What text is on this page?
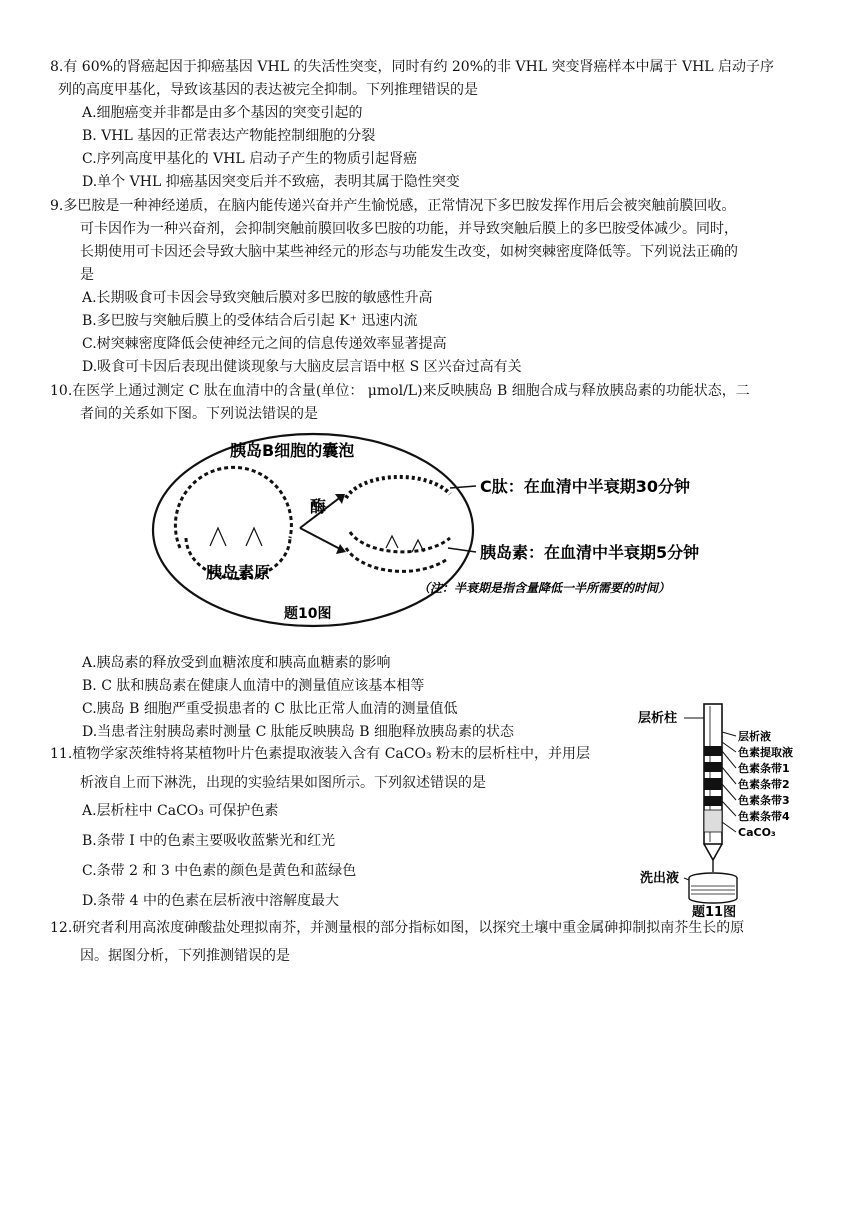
8.有 60%的肾癌起因于抑癌基因 VHL 的失活性突变，同时有约 20%的非 VHL 突变肾癌样本中属于 VHL 启动子序
列的高度甲基化，导致该基因的表达被完全抑制。下列推理错误的是
A.细胞癌变并非都是由多个基因的突变引起的
B. VHL 基因的正常表达产物能控制细胞的分裂
C.序列高度甲基化的 VHL 启动子产生的物质引起肾癌
D.单个 VHL 抑癌基因突变后并不致癌，表明其属于隐性突变
9.多巴胺是一种神经递质，在脑内能传递兴奋并产生愉悦感，正常情况下多巴胺发挥作用后会被突触前膜回收。
可卡因作为一种兴奋剂，会抑制突触前膜回收多巴胺的功能，并导致突触后膜上的多巴胺受体减少。同时，
长期使用可卡因还会导致大脑中某些神经元的形态与功能发生改变，如树突棘密度降低等。下列说法正确的
是
A.长期吸食可卡因会导致突触后膜对多巴胺的敏感性升高
B.多巴胺与突触后膜上的受体结合后引起 K⁺ 迅速内流
C.树突棘密度降低会使神经元之间的信息传递效率显著提高
D.吸食可卡因后表现出健谈现象与大脑皮层言语中枢 S 区兴奋过高有关
10.在医学上通过测定 C 肽在血清中的含量(单位： μmol/L)来反映胰岛 B 细胞合成与释放胰岛素的功能状态，二
者间的关系如下图。下列说法错误的是
胰岛B细胞的囊泡
酶
胰岛素原
C肽：在血清中半衰期30分钟
胰岛素：在血清中半衰期5分钟
（注：半衰期是指含量降低一半所需要的时间）
题10图
A.胰岛素的释放受到血糖浓度和胰高血糖素的影响
B. C 肽和胰岛素在健康人血清中的测量值应该基本相等
C.胰岛 B 细胞严重受损患者的 C 肽比正常人血清的测量值低
D.当患者注射胰岛素时测量 C 肽能反映胰岛 B 细胞释放胰岛素的状态
11.植物学家茨维特将某植物叶片色素提取液装入含有 CaCO₃ 粉末的层析柱中，并用层
析液自上而下淋洗，出现的实验结果如图所示。下列叙述错误的是
A.层析柱中 CaCO₃ 可保护色素
B.条带 I 中的色素主要吸收蓝紫光和红光
C.条带 2 和 3 中色素的颜色是黄色和蓝绿色
D.条带 4 中的色素在层析液中溶解度最大
层析柱
层析液
色素提取液
色素条带1
色素条带2
色素条带3
色素条带4
CaCO₃
洗出液
题11图
12.研究者利用高浓度砷酸盐处理拟南芥，并测量根的部分指标如图，以探究土壤中重金属砷抑制拟南芥生长的原
因。据图分析，下列推测错误的是
